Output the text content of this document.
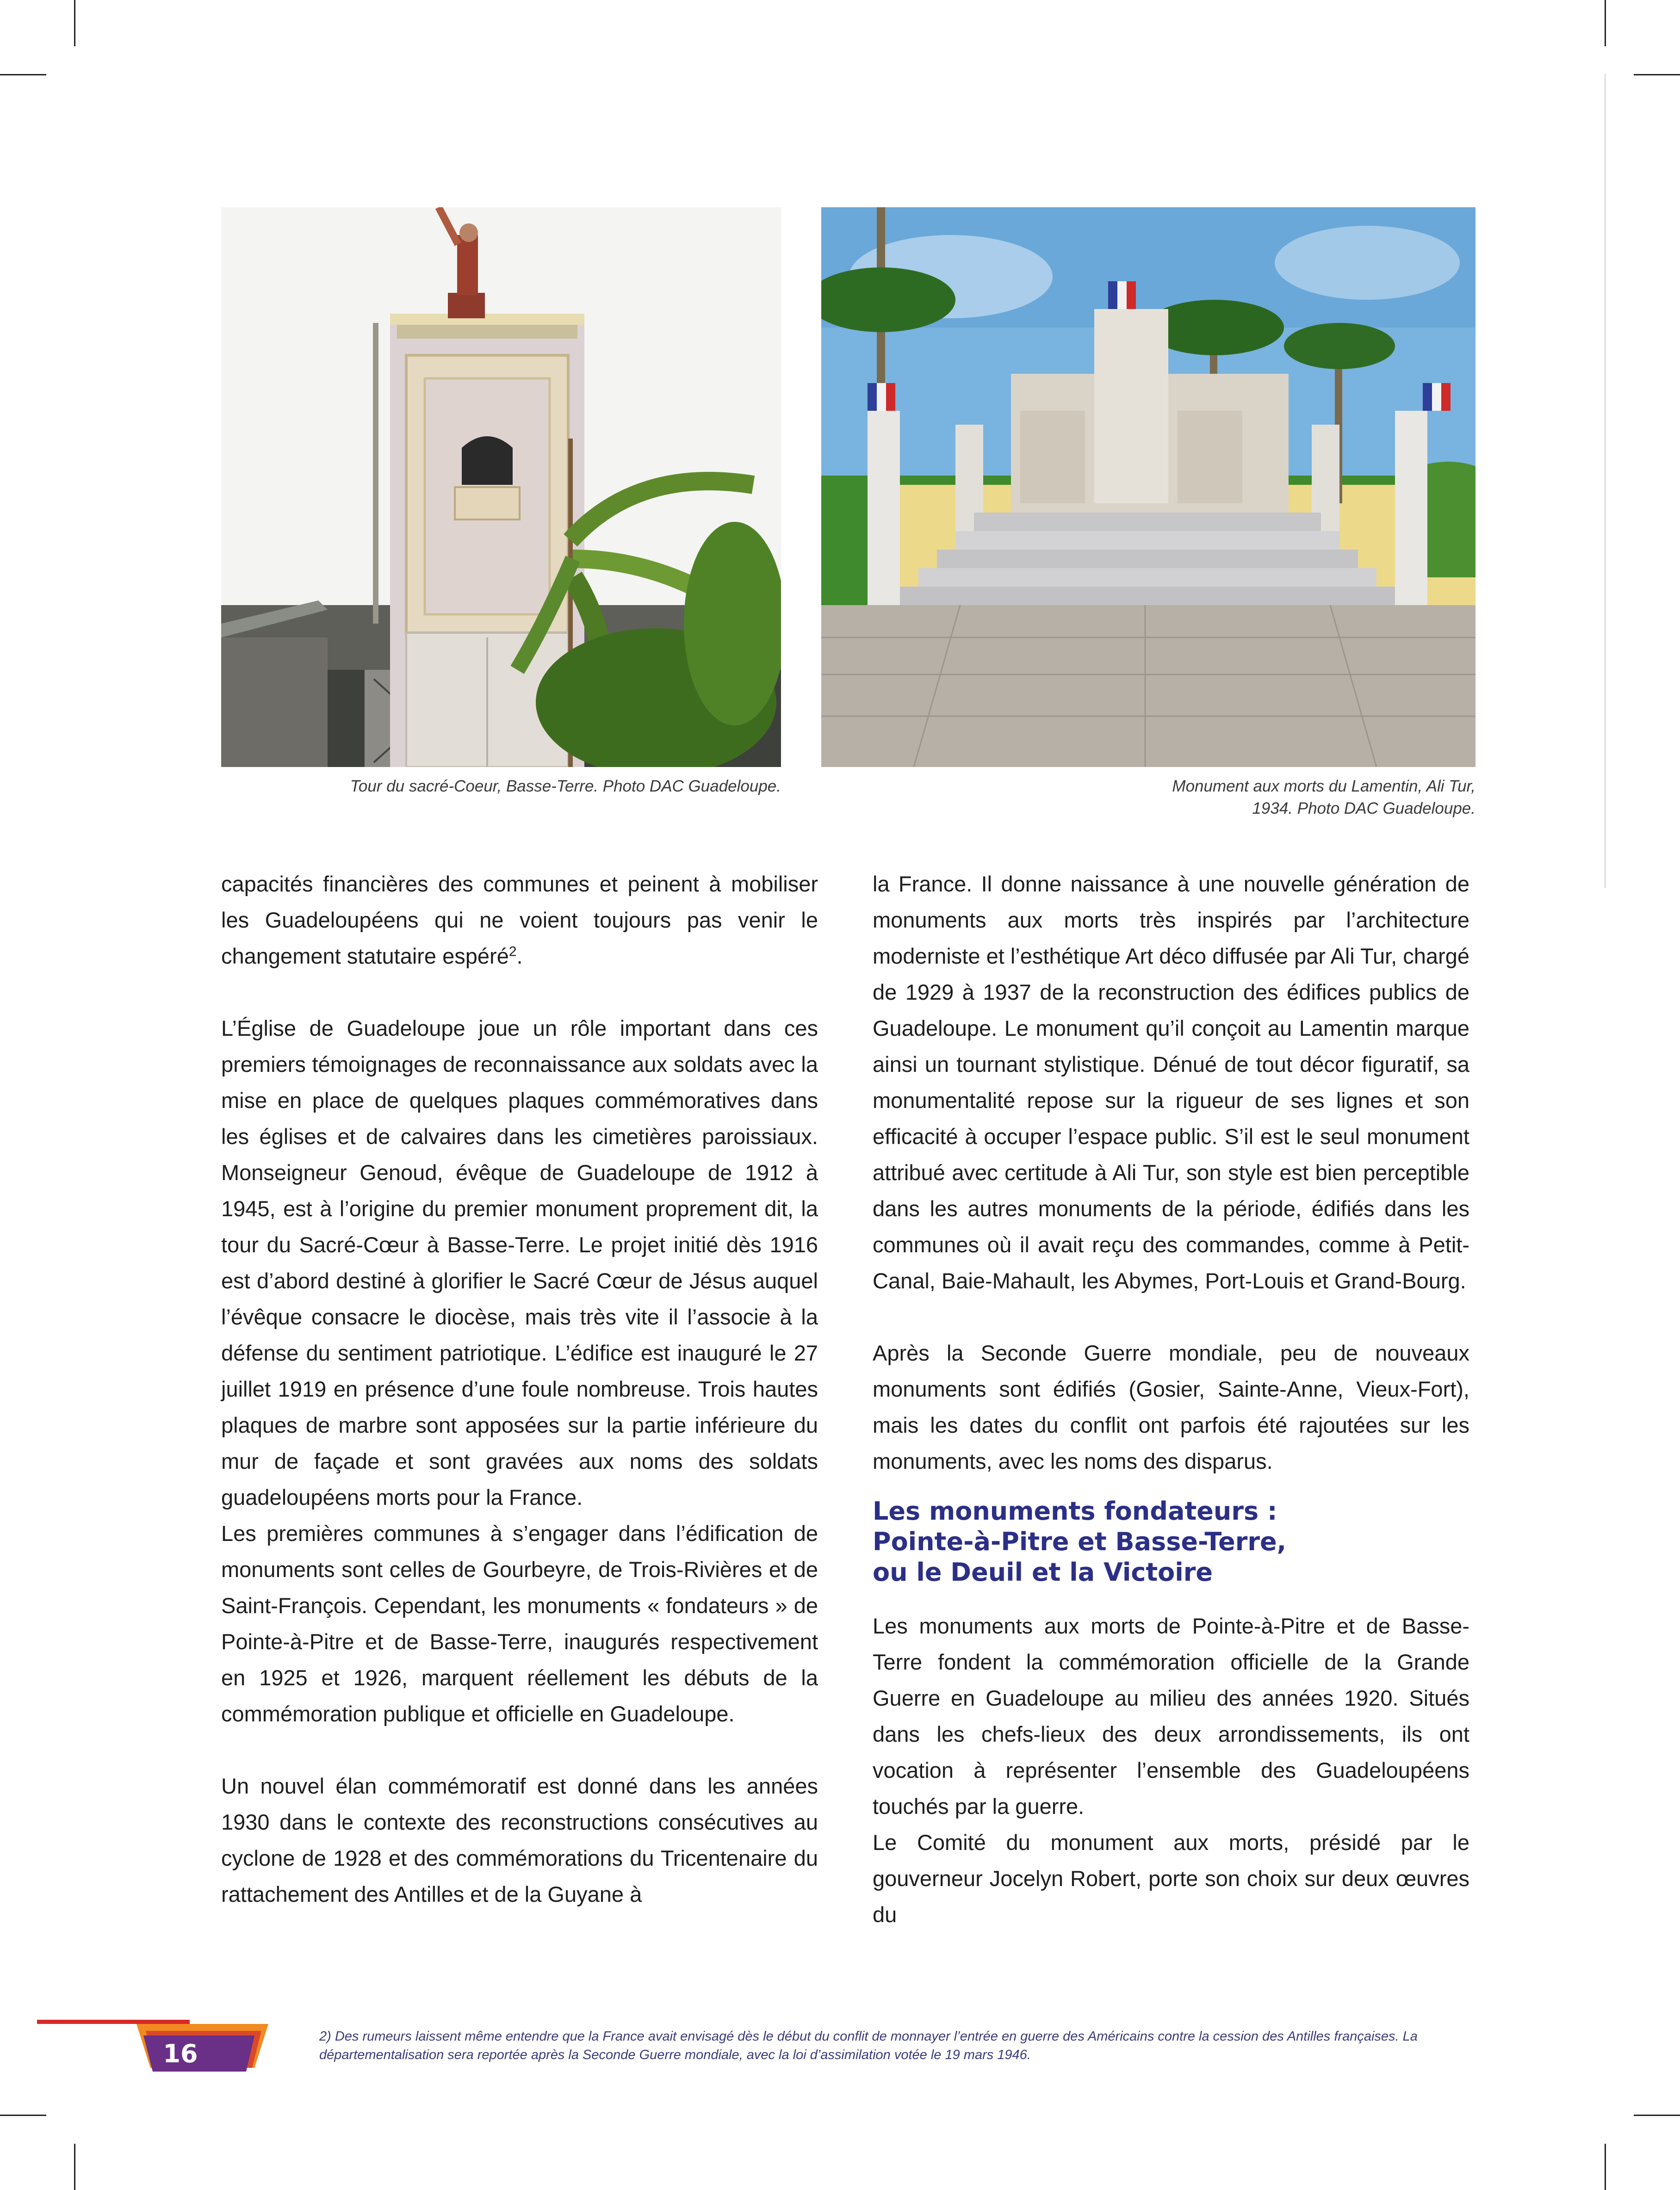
Tour du sacré-Coeur, Basse-Terre. Photo DAC Guadeloupe.	Monument aux morts du Lamentin, Ali Tur,
1934. Photo DAC Guadeloupe.

capacités financières des communes et peinent à mobiliser les Guadeloupéens qui ne voient toujours pas venir le changement statutaire espéré$^2$.

L’Église de Guadeloupe joue un rôle important dans ces premiers témoignages de reconnaissance aux soldats avec la mise en place de quelques plaques commémoratives dans les églises et de calvaires dans les cimetières paroissiaux. Monseigneur Genoud, évêque de Guadeloupe de 1912 à 1945, est à l’origine du premier monument proprement dit, la tour du Sacré-Cœur à Basse-Terre. Le projet initié dès 1916 est d’abord destiné à glorifier le Sacré Cœur de Jésus auquel l’évêque consacre le diocèse, mais très vite il l’associe à la défense du sentiment patriotique. L’édifice est inauguré le 27 juillet 1919 en présence d’une foule nombreuse. Trois hautes plaques de marbre sont apposées sur la partie inférieure du mur de façade et sont gravées aux noms des soldats guadeloupéens morts pour la France.

Les premières communes à s’engager dans l’édification de monuments sont celles de Gourbeyre, de Trois-Rivières et de Saint-François. Cependant, les monuments « fondateurs » de Pointe-à-Pitre et de Basse-Terre, inaugurés respectivement en 1925 et 1926, marquent réellement les débuts de la commémoration publique et officielle en Guadeloupe.

Un nouvel élan commémoratif est donné dans les années 1930 dans le contexte des reconstructions consécutives au cyclone de 1928 et des commémorations du Tricentenaire du rattachement des Antilles et de la Guyane à

la France. Il donne naissance à une nouvelle génération de monuments aux morts très inspirés par l’architecture moderniste et l’esthétique Art déco diffusée par Ali Tur, chargé de 1929 à 1937 de la reconstruction des édifices publics de Guadeloupe. Le monument qu’il conçoit au Lamentin marque ainsi un tournant stylistique. Dénué de tout décor figuratif, sa monumentalité repose sur la rigueur de ses lignes et son efficacité à occuper l’espace public. S’il est le seul monument attribué avec certitude à Ali Tur, son style est bien perceptible dans les autres monuments de la période, édifiés dans les communes où il avait reçu des commandes, comme à Petit-Canal, Baie-Mahault, les Abymes, Port-Louis et Grand-Bourg.

Après la Seconde Guerre mondiale, peu de nouveaux monuments sont édifiés (Gosier, Sainte-Anne, Vieux-Fort), mais les dates du conflit ont parfois été rajoutées sur les monuments, avec les noms des disparus.

Les monuments fondateurs :
Pointe-à-Pitre et Basse-Terre,
ou le Deuil et la Victoire

Les monuments aux morts de Pointe-à-Pitre et de Basse-Terre fondent la commémoration officielle de la Grande Guerre en Guadeloupe au milieu des années 1920. Situés dans les chefs-lieux des deux arrondissements, ils ont vocation à représenter l’ensemble des Guadeloupéens touchés par la guerre.

Le Comité du monument aux morts, présidé par le gouverneur Jocelyn Robert, porte son choix sur deux œuvres du

16
2) Des rumeurs laissent même entendre que la France avait envisagé dès le début du conflit de monnayer l’entrée en guerre des Américains contre la cession des Antilles françaises. La départementalisation sera reportée après la Seconde Guerre mondiale, avec la loi d’assimilation votée le 19 mars 1946.
